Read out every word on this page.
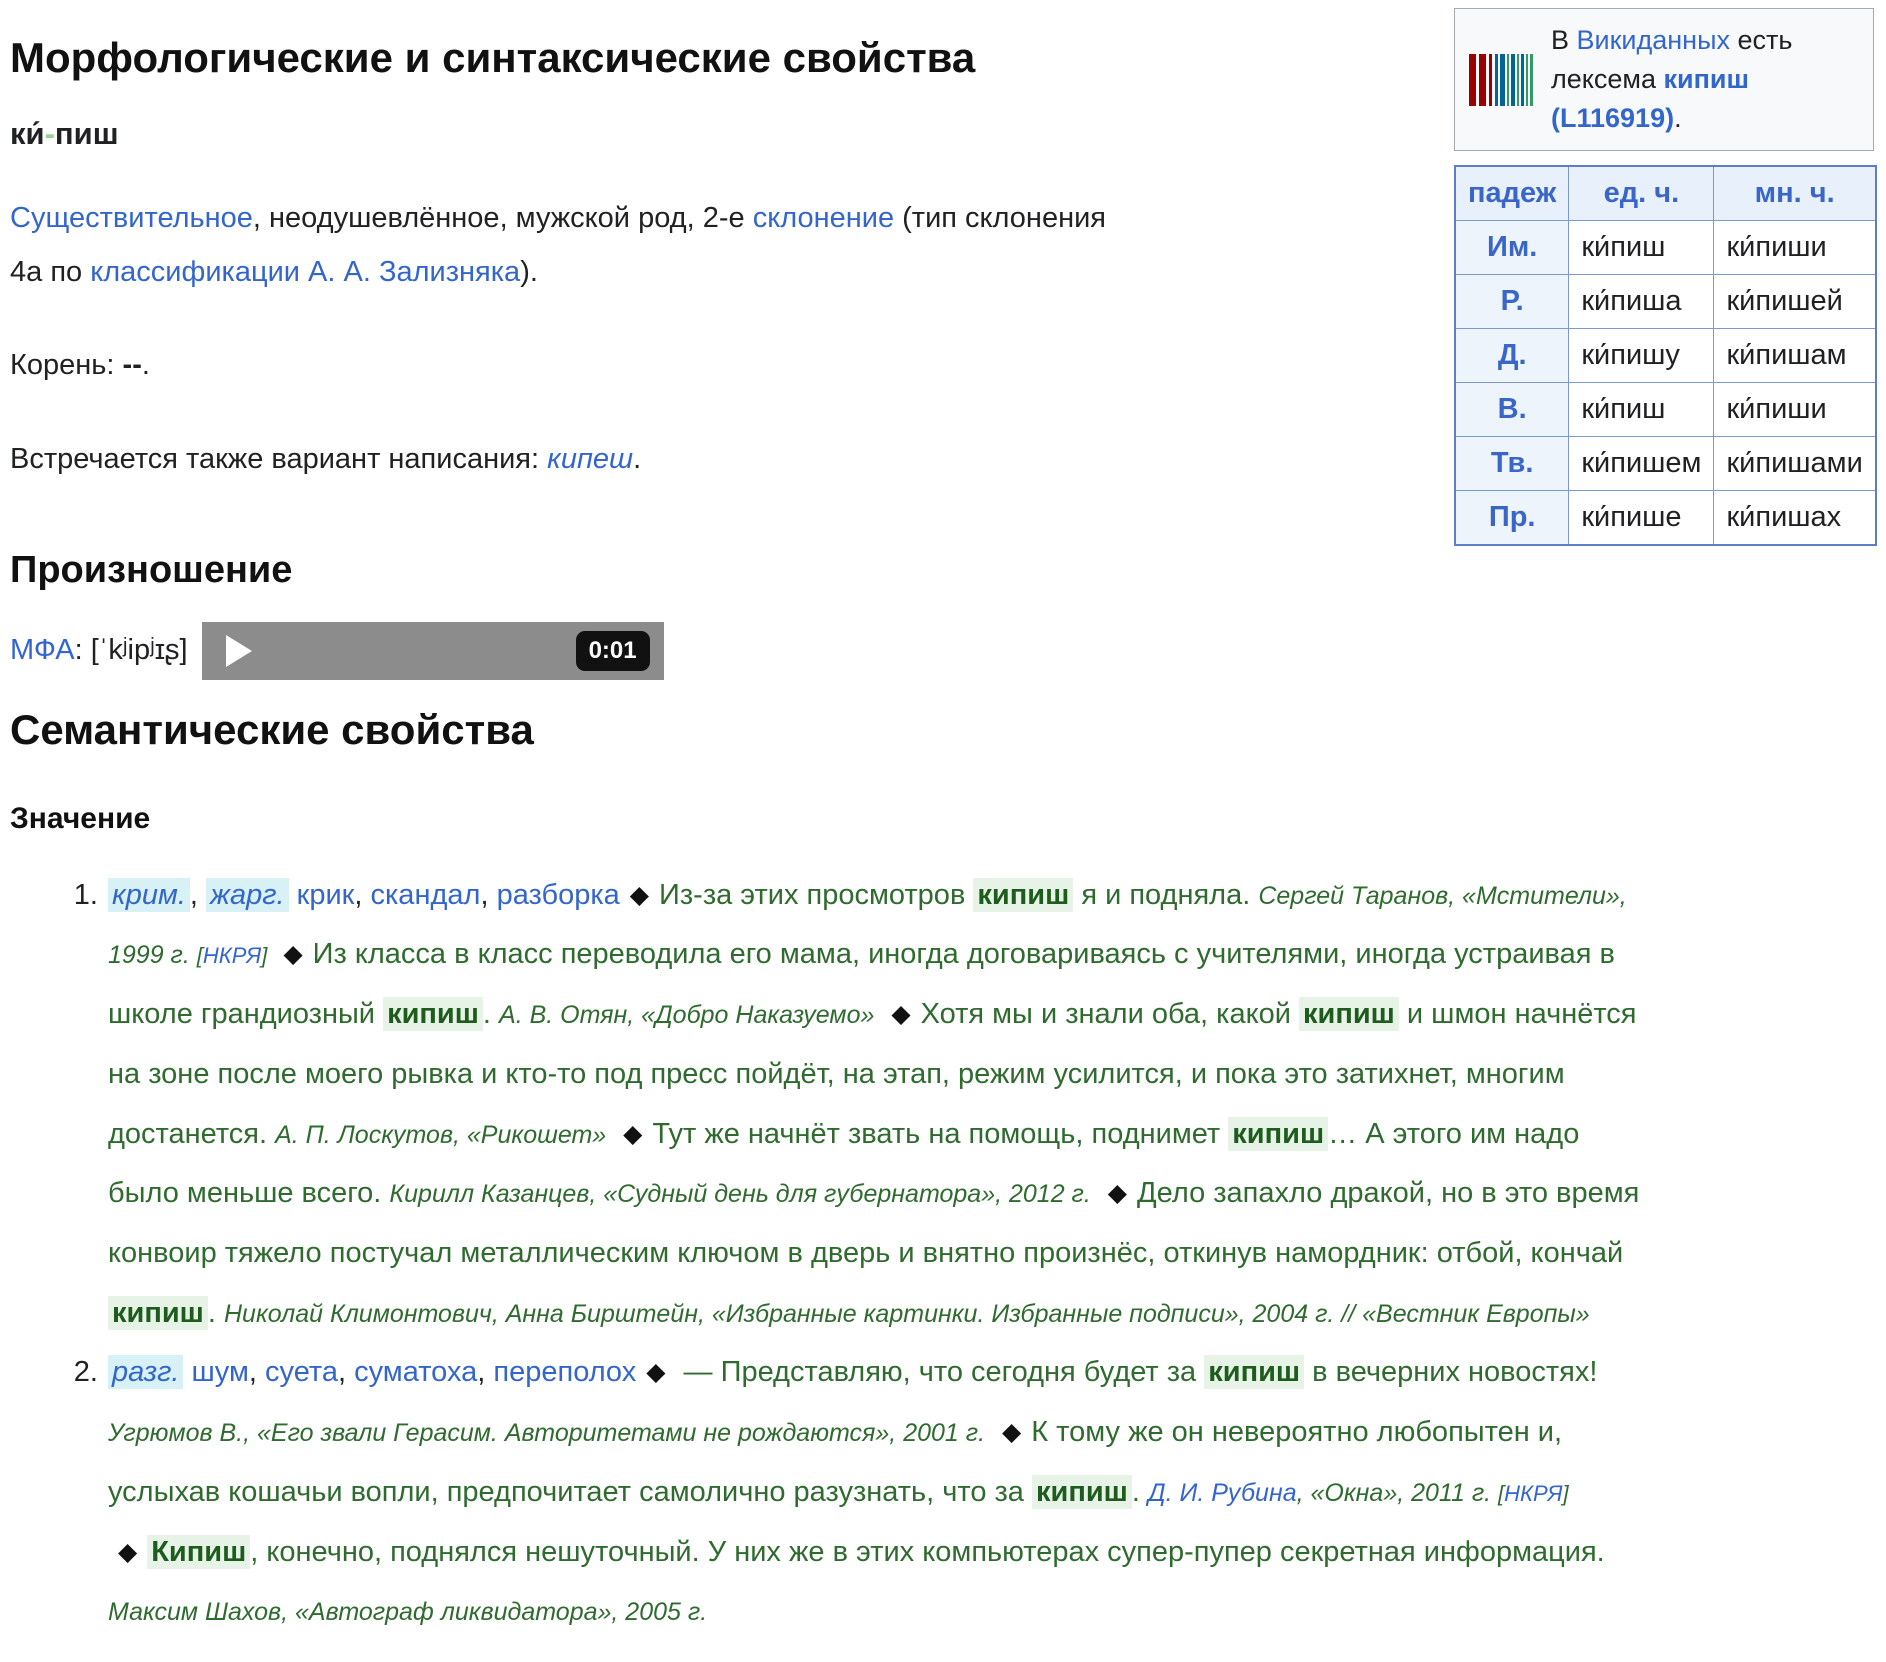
В Викиданных есть лексема кипиш (L116919).
падеж	ед. ч.	мн. ч.
Им.	ки́пиш	ки́пиши
Р.	ки́пиша	ки́пишей
Д.	ки́пишу	ки́пишам
В.	ки́пиш	ки́пиши
Тв.	ки́пишем	ки́пишами
Пр.	ки́пише	ки́пишах
Морфологические и синтаксические свойства
ки́-пиш

Существительное, неодушевлённое, мужской род, 2-е склонение (тип склонения 4а по классификации А. А. Зализняка).

Корень: --.

Встречается также вариант написания: кипеш.

Произношение
МФА: [ˈkʲipʲɪʂ]	0:01
Семантические свойства
Значение
1. крим. , жарг. крик, скандал, разборка ◆ Из-за этих просмотров кипиш я и подняла. Сергей Таранов, «Мстители», 1999 г. [НКРЯ] ◆ Из класса в класс переводила его мама, иногда договариваясь с учителями, иногда устраивая в школе грандиозный кипиш . А. В. Отян, «Добро Наказуемо» ◆ Хотя мы и знали оба, какой кипиш и шмон начнётся на зоне после моего рывка и кто-то под пресс пойдёт, на этап, режим усилится, и пока это затихнет, многим достанется. А. П. Лоскутов, «Рикошет» ◆ Тут же начнёт звать на помощь, поднимет кипиш … А этого им надо было меньше всего. Кирилл Казанцев, «Судный день для губернатора», 2012 г. ◆ Дело запахло дракой, но в это время конвоир тяжело постучал металлическим ключом в дверь и внятно произнёс, откинув намордник: отбой, кончай кипиш . Николай Климонтович, Анна Бирштейн, «Избранные картинки. Избранные подписи», 2004 г. // «Вестник Европы»
2. разг. шум, суета, суматоха, переполох ◆ — Представляю, что сегодня будет за кипиш в вечерних новостях! Угрюмов В., «Его звали Герасим. Авторитетами не рождаются», 2001 г. ◆ К тому же он невероятно любопытен и, услыхав кошачьи вопли, предпочитает самолично разузнать, что за кипиш . Д. И. Рубина, «Окна», 2011 г. [НКРЯ] ◆ Кипиш , конечно, поднялся нешуточный. У них же в этих компьютерах супер-пупер секретная информация. Максим Шахов, «Автограф ликвидатора», 2005 г.
